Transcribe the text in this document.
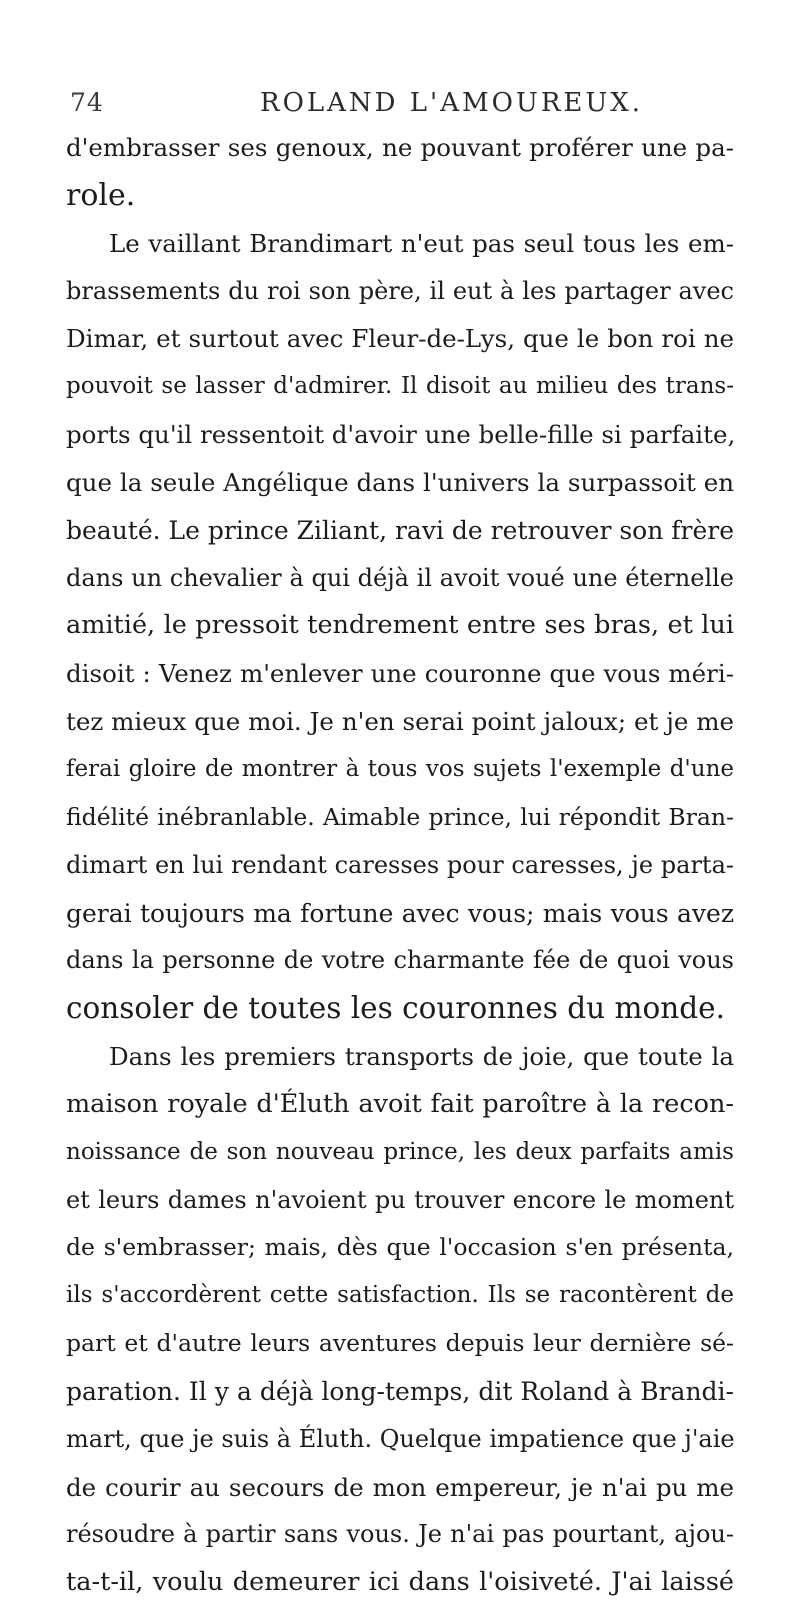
74	ROLAND L'AMOUREUX.
d'embrasser ses genoux, ne pouvant proférer une pa-
role.
Le vaillant Brandimart n'eut pas seul tous les em-
brassements du roi son père, il eut à les partager avec
Dimar, et surtout avec Fleur-de-Lys, que le bon roi ne
pouvoit se lasser d'admirer. Il disoit au milieu des trans-
ports qu'il ressentoit d'avoir une belle-fille si parfaite,
que la seule Angélique dans l'univers la surpassoit en
beauté. Le prince Ziliant, ravi de retrouver son frère
dans un chevalier à qui déjà il avoit voué une éternelle
amitié, le pressoit tendrement entre ses bras, et lui
disoit : Venez m'enlever une couronne que vous méri-
tez mieux que moi. Je n'en serai point jaloux; et je me
ferai gloire de montrer à tous vos sujets l'exemple d'une
fidélité inébranlable. Aimable prince, lui répondit Bran-
dimart en lui rendant caresses pour caresses, je parta-
gerai toujours ma fortune avec vous; mais vous avez
dans la personne de votre charmante fée de quoi vous
consoler de toutes les couronnes du monde.
Dans les premiers transports de joie, que toute la
maison royale d'Éluth avoit fait paroître à la recon-
noissance de son nouveau prince, les deux parfaits amis
et leurs dames n'avoient pu trouver encore le moment
de s'embrasser; mais, dès que l'occasion s'en présenta,
ils s'accordèrent cette satisfaction. Ils se racontèrent de
part et d'autre leurs aventures depuis leur dernière sé-
paration. Il y a déjà long-temps, dit Roland à Brandi-
mart, que je suis à Éluth. Quelque impatience que j'aie
de courir au secours de mon empereur, je n'ai pu me
résoudre à partir sans vous. Je n'ai pas pourtant, ajou-
ta-t-il, voulu demeurer ici dans l'oisiveté. J'ai laissé
